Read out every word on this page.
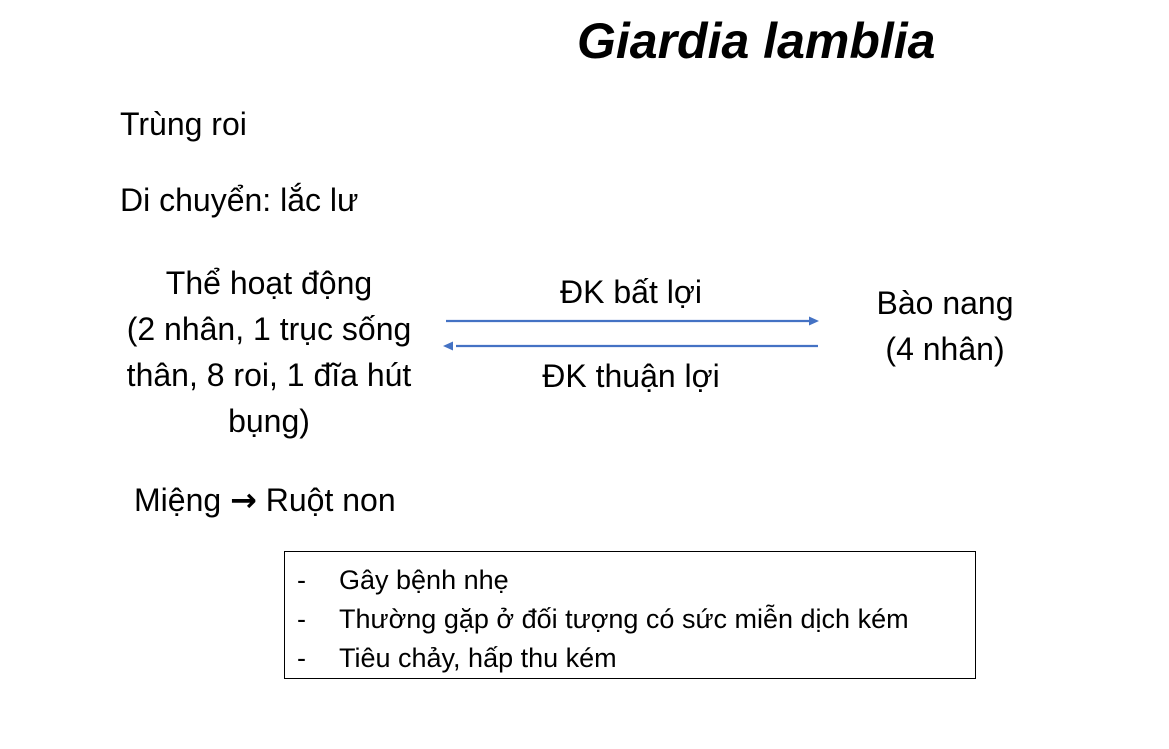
Giardia lamblia
Trùng roi
Di chuyển: lắc lư
Thể hoạt động
(2 nhân, 1 trục sống
thân, 8 roi, 1 đĩa hút
bụng)
ĐK bất lợi
ĐK thuận lợi
Bào nang
(4 nhân)
Miệng → Ruột non
-	Gây bệnh nhẹ
-	Thường gặp ở đối tượng có sức miễn dịch kém
-	Tiêu chảy, hấp thu kém
